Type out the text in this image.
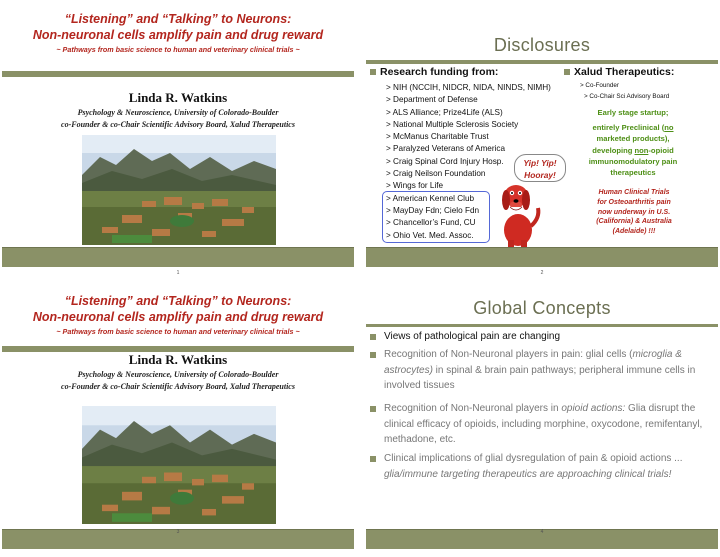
“Listening” and “Talking” to Neurons:
Non-neuronal cells amplify pain and drug reward
~ Pathways from basic science to human and veterinary clinical trials ~
Linda R. Watkins
Psychology & Neuroscience, University of Colorado-Boulder
co-Founder & co-Chair Scientific Advisory Board, Xalud Therapeutics
1
Disclosures
Research funding from:
> NIH (NCCIH, NIDCR, NIDA, NINDS, NIMH)
> Department of Defense
> ALS Alliance; Prize4Life (ALS)
> National Multiple Sclerosis Society
> McManus Charitable Trust
> Paralyzed Veterans of America
> Craig Spinal Cord Injury Hosp.
> Craig Neilson Foundation
> Wings for Life
> American Kennel Club
> MayDay Fdn; Cielo Fdn
> Chancellor’s Fund, CU
> Ohio Vet. Med. Assoc.
Xalud Therapeutics:
> Co-Founder
> Co-Chair Sci Advisory Board
Early stage startup;
entirely Preclinical (no
marketed products),
developing non-opioid
immunomodulatory pain
therapeutics
Human Clinical Trials
for Osteoarthritis pain
now underway in U.S.
(California) & Australia
(Adelaide) !!!
Yip! Yip!
Hooray!
2
“Listening” and “Talking” to Neurons:
Non-neuronal cells amplify pain and drug reward
~ Pathways from basic science to human and veterinary clinical trials ~
Linda R. Watkins
Psychology & Neuroscience, University of Colorado-Boulder
co-Founder & co-Chair Scientific Advisory Board, Xalud Therapeutics
3
Global Concepts
Views of pathological pain are changing
Recognition of Non-Neuronal players in pain: glial cells (microglia & astrocytes) in spinal & brain pain pathways; peripheral immune cells in involved tissues
Recognition of Non-Neuronal players in opioid actions: Glia disrupt the clinical efficacy of opioids, including morphine, oxycodone, remifentanyl, methadone, etc.
Clinical implications of glial dysregulation of pain & opioid actions ... glia/immune targeting therapeutics are approaching clinical trials!
4
